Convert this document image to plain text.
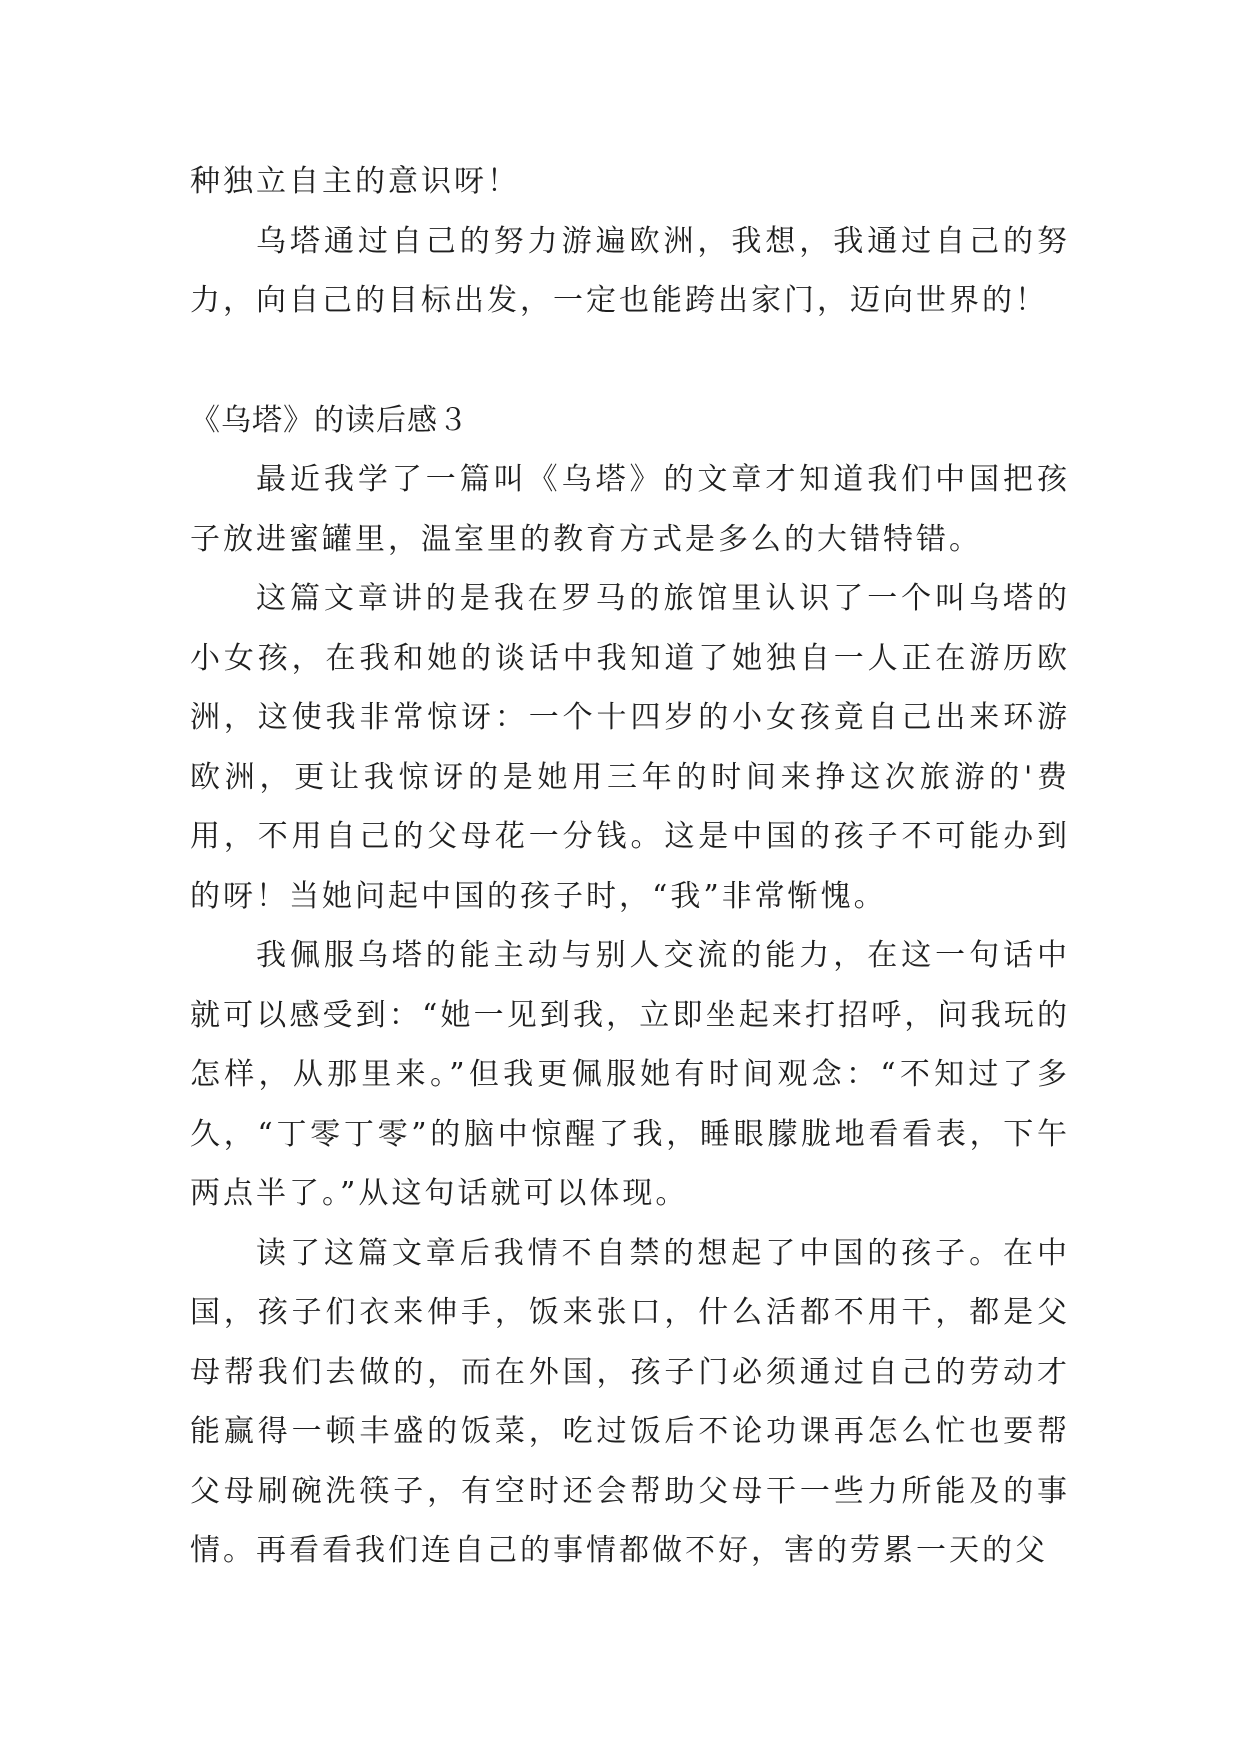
种独立自主的意识呀！

乌塔通过自己的努力游遍欧洲，我想，我通过自己的努力，向自己的目标出发，一定也能跨出家门，迈向世界的！

《乌塔》的读后感３

最近我学了一篇叫《乌塔》的文章才知道我们中国把孩子放进蜜罐里，温室里的教育方式是多么的大错特错。

这篇文章讲的是我在罗马的旅馆里认识了一个叫乌塔的小女孩，在我和她的谈话中我知道了她独自一人正在游历欧洲，这使我非常惊讶：一个十四岁的小女孩竟自己出来环游欧洲，更让我惊讶的是她用三年的时间来挣这次旅游的'费用，不用自己的父母花一分钱。这是中国的孩子不可能办到的呀！当她问起中国的孩子时，“我”非常惭愧。

我佩服乌塔的能主动与别人交流的能力，在这一句话中就可以感受到：“她一见到我，立即坐起来打招呼，问我玩的怎样，从那里来。”但我更佩服她有时间观念：“不知过了多久，“丁零丁零”的脑中惊醒了我，睡眼朦胧地看看表，下午两点半了。”从这句话就可以体现。

读了这篇文章后我情不自禁的想起了中国的孩子。在中国，孩子们衣来伸手，饭来张口，什么活都不用干，都是父母帮我们去做的，而在外国，孩子门必须通过自己的劳动才能赢得一顿丰盛的饭菜，吃过饭后不论功课再怎么忙也要帮父母刷碗洗筷子，有空时还会帮助父母干一些力所能及的事情。再看看我们连自己的事情都做不好，害的劳累一天的父
